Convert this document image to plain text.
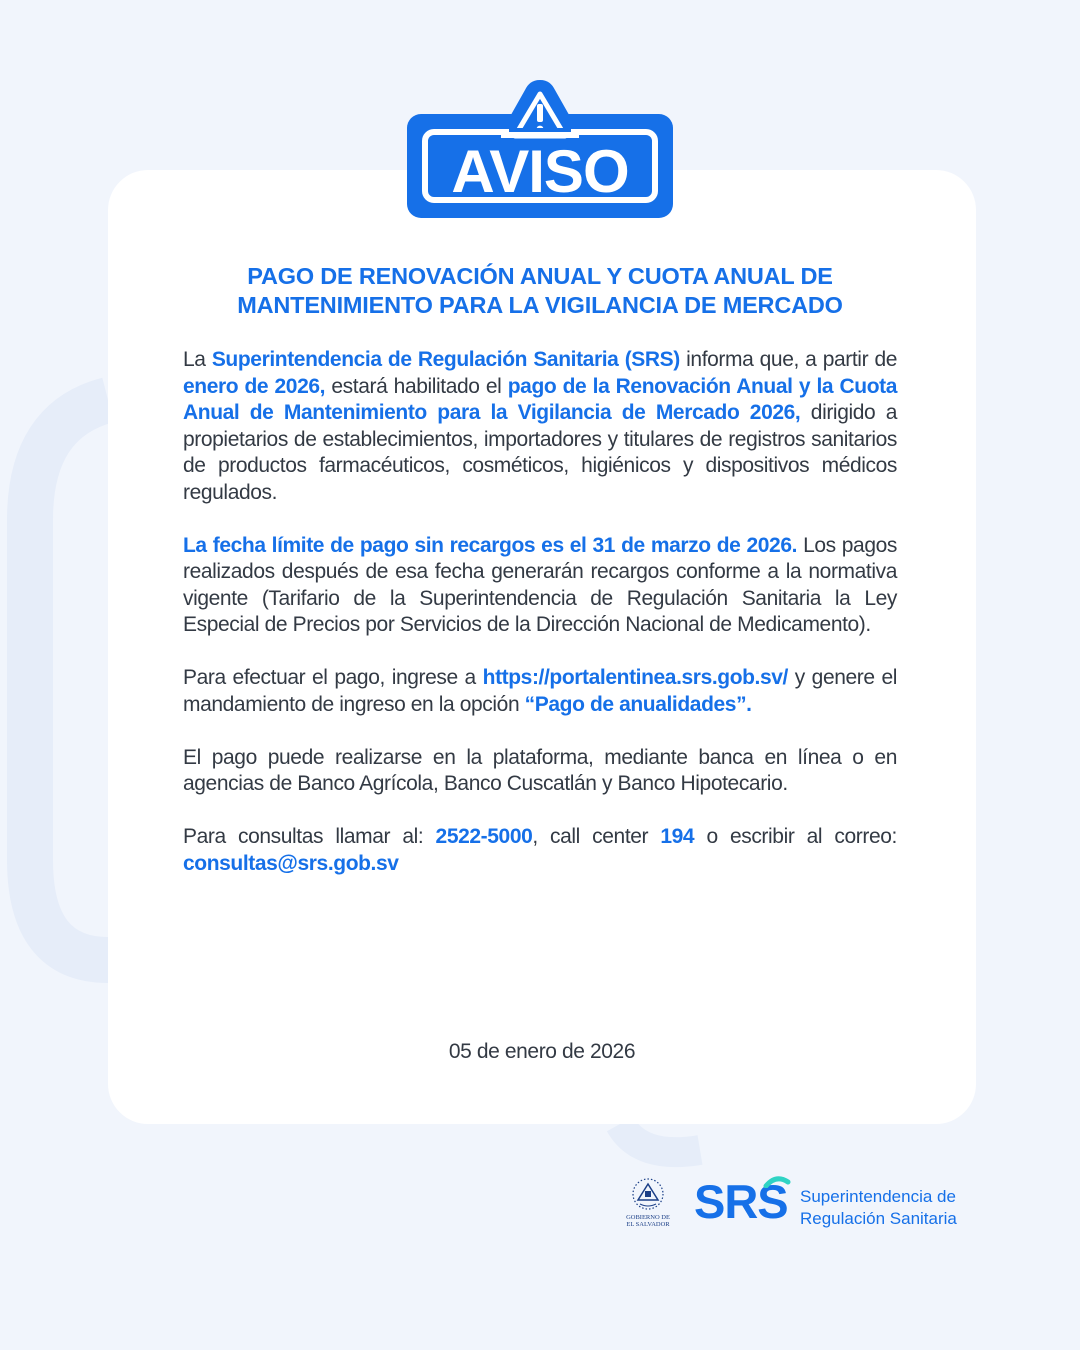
AVISO
PAGO DE RENOVACIÓN ANUAL Y CUOTA ANUAL DE
MANTENIMIENTO PARA LA VIGILANCIA DE MERCADO

La Superintendencia de Regulación Sanitaria (SRS) informa que, a partir de enero de 2026, estará habilitado el pago de la Renovación Anual y la Cuota Anual de Mantenimiento para la Vigilancia de Mercado 2026, dirigido a propietarios de establecimientos, importadores y titulares de registros sanitarios de productos farmacéuticos, cosméticos, higiénicos y dispositivos médicos regulados.

La fecha límite de pago sin recargos es el 31 de marzo de 2026. Los pagos realizados después de esa fecha generarán recargos conforme a la normativa vigente (Tarifario de la Superintendencia de Regulación Sanitaria la Ley Especial de Precios por Servicios de la Dirección Nacional de Medicamento).

Para efectuar el pago, ingrese a https://portalentinea.srs.gob.sv/ y genere el mandamiento de ingreso en la opción “Pago de anualidades”.

El pago puede realizarse en la plataforma, mediante banca en línea o en agencias de Banco Agrícola, Banco Cuscatlán y Banco Hipotecario.

Para consultas llamar al: 2522-5000, call center 194 o escribir al correo: consultas@srs.gob.sv

05 de enero de 2026
GOBIERNO DE
EL SALVADOR SRS Superintendencia de
Regulación Sanitaria
